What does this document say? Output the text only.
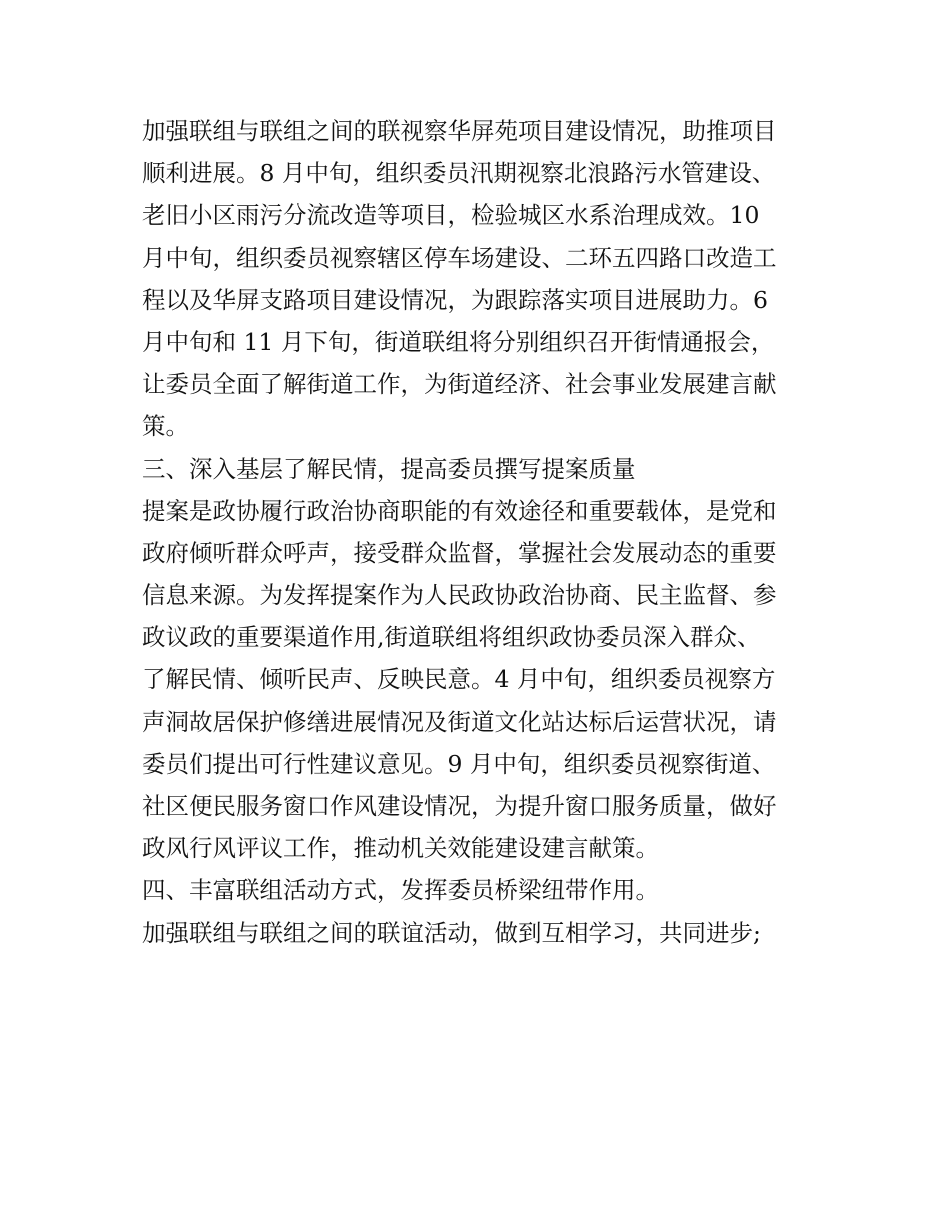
加强联组与联组之间的联视察华屏苑项目建设情况，助推项目
顺利进展。8 月中旬，组织委员汛期视察北浪路污水管建设、
老旧小区雨污分流改造等项目，检验城区水系治理成效。10
月中旬，组织委员视察辖区停车场建设、二环五四路口改造工
程以及华屏支路项目建设情况，为跟踪落实项目进展助力。6
月中旬和 11 月下旬，街道联组将分别组织召开街情通报会，
让委员全面了解街道工作，为街道经济、社会事业发展建言献
策。
三、深入基层了解民情，提高委员撰写提案质量
提案是政协履行政治协商职能的有效途径和重要载体，是党和
政府倾听群众呼声，接受群众监督，掌握社会发展动态的重要
信息来源。为发挥提案作为人民政协政治协商、民主监督、参
政议政的重要渠道作用,街道联组将组织政协委员深入群众、
了解民情、倾听民声、反映民意。4 月中旬，组织委员视察方
声洞故居保护修缮进展情况及街道文化站达标后运营状况，请
委员们提出可行性建议意见。9 月中旬，组织委员视察街道、
社区便民服务窗口作风建设情况，为提升窗口服务质量，做好
政风行风评议工作，推动机关效能建设建言献策。
四、丰富联组活动方式，发挥委员桥梁纽带作用。
加强联组与联组之间的联谊活动，做到互相学习，共同进步;
